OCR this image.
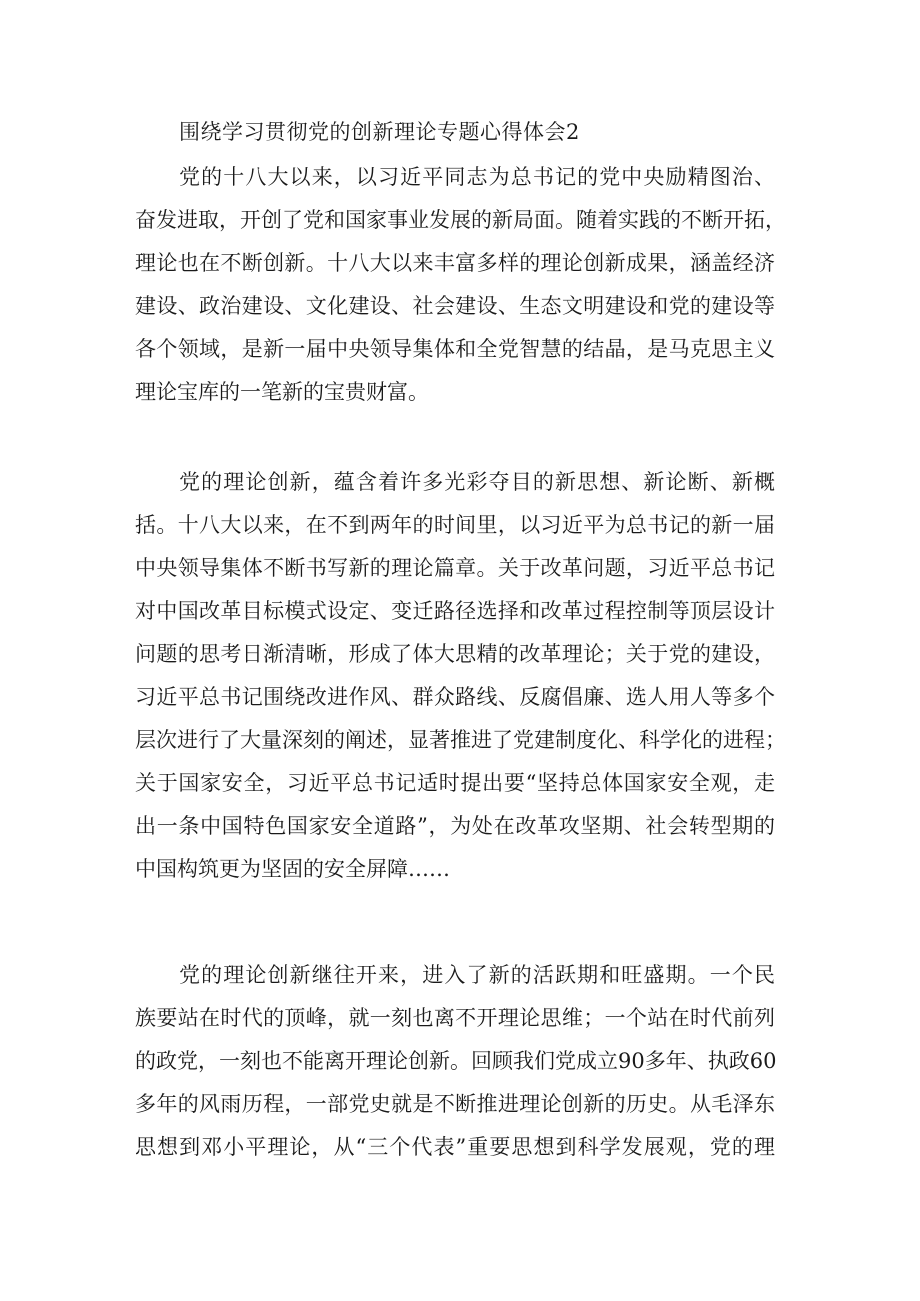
围绕学习贯彻党的创新理论专题心得体会2
党的十八大以来，以习近平同志为总书记的党中央励精图治、
奋发进取，开创了党和国家事业发展的新局面。随着实践的不断开拓，
理论也在不断创新。十八大以来丰富多样的理论创新成果，涵盖经济
建设、政治建设、文化建设、社会建设、生态文明建设和党的建设等
各个领域，是新一届中央领导集体和全党智慧的结晶，是马克思主义
理论宝库的一笔新的宝贵财富。
党的理论创新，蕴含着许多光彩夺目的新思想、新论断、新概
括。十八大以来，在不到两年的时间里，以习近平为总书记的新一届
中央领导集体不断书写新的理论篇章。关于改革问题，习近平总书记
对中国改革目标模式设定、变迁路径选择和改革过程控制等顶层设计
问题的思考日渐清晰，形成了体大思精的改革理论；关于党的建设，
习近平总书记围绕改进作风、群众路线、反腐倡廉、选人用人等多个
层次进行了大量深刻的阐述，显著推进了党建制度化、科学化的进程；
关于国家安全，习近平总书记适时提出要“坚持总体国家安全观，走
出一条中国特色国家安全道路”，为处在改革攻坚期、社会转型期的
中国构筑更为坚固的安全屏障……
党的理论创新继往开来，进入了新的活跃期和旺盛期。一个民
族要站在时代的顶峰，就一刻也离不开理论思维；一个站在时代前列
的政党，一刻也不能离开理论创新。回顾我们党成立90多年、执政60
多年的风雨历程，一部党史就是不断推进理论创新的历史。从毛泽东
思想到邓小平理论，从“三个代表”重要思想到科学发展观，党的理
